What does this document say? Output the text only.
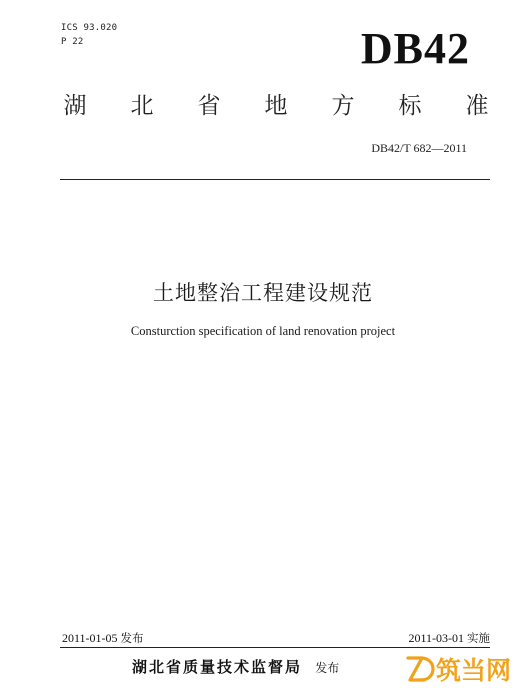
ICS 93.020
P 22	DB42
湖 北 省 地 方 标 准
DB42/T 682—2011
土地整治工程建设规范
Consturction specification of land renovation project
2011-01-05 发布	2011-03-01 实施
湖北省质量技术监督局 发布	筑当网
